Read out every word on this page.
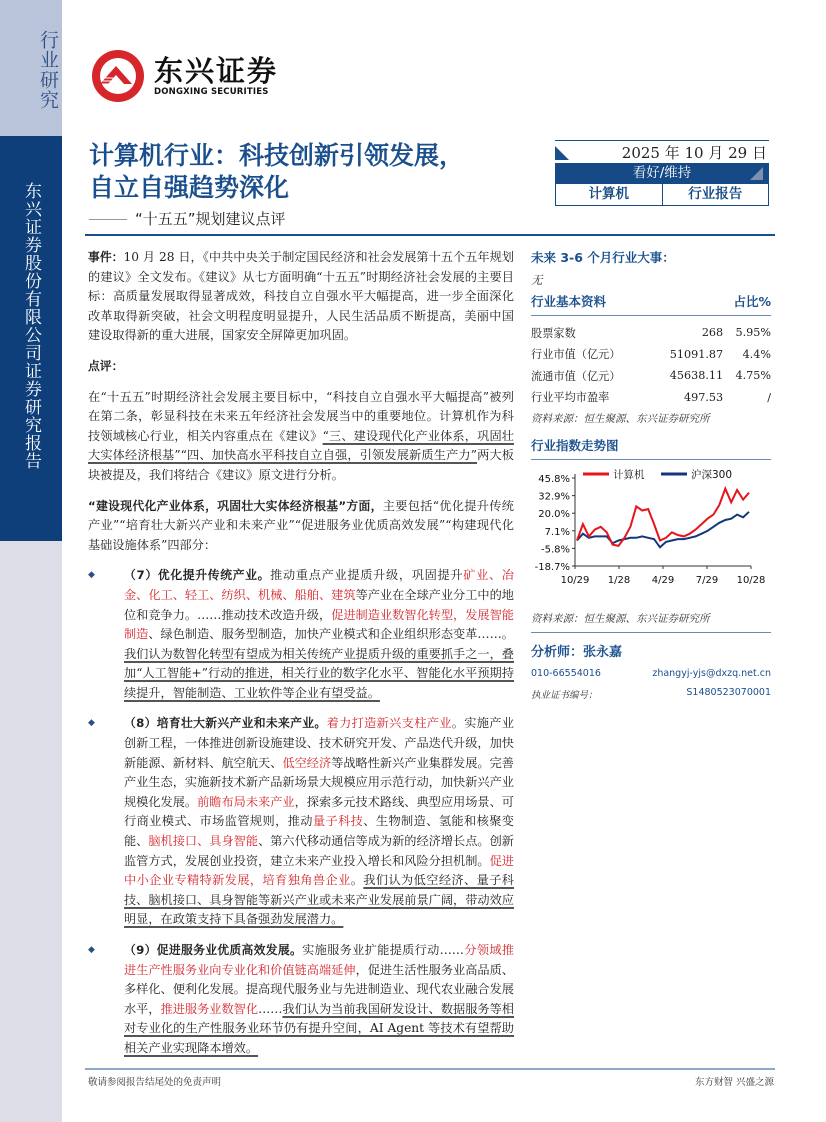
行业研究
东兴证券股份有限公司证券研究报告
东兴证券
DONGXING SECURITIES
计算机行业：科技创新引领发展，
自立自强趋势深化
“十五五”规划建议点评
2025 年 10 月 29 日
看好/维持
计算机	行业报告

事件：10 月 28 日，《中共中央关于制定国民经济和社会发展第十五个五年规划的建议》全文发布。《建议》从七方面明确“十五五”时期经济社会发展的主要目标：高质量发展取得显著成效，科技自立自强水平大幅提高，进一步全面深化改革取得新突破，社会文明程度明显提升，人民生活品质不断提高，美丽中国建设取得新的重大进展，国家安全屏障更加巩固。

点评：

在“十五五”时期经济社会发展主要目标中，“科技自立自强水平大幅提高”被列在第二条，彰显科技在未来五年经济社会发展当中的重要地位。计算机作为科技领域核心行业，相关内容重点在《建议》“三、建设现代化产业体系，巩固壮大实体经济根基”“四、加快高水平科技自立自强，引领发展新质生产力”两大板块被提及，我们将结合《建议》原文进行分析。

“建设现代化产业体系，巩固壮大实体经济根基”方面，主要包括“优化提升传统产业”“培育壮大新兴产业和未来产业”“促进服务业优质高效发展”“构建现代化基础设施体系”四部分：

◆ （7）优化提升传统产业。推动重点产业提质升级，巩固提升矿业、冶金、化工、轻工、纺织、机械、船舶、建筑等产业在全球产业分工中的地位和竞争力。……推动技术改造升级，促进制造业数智化转型，发展智能制造、绿色制造、服务型制造，加快产业模式和企业组织形态变革……。我们认为数智化转型有望成为相关传统产业提质升级的重要抓手之一，叠加“人工智能+”行动的推进，相关行业的数字化水平、智能化水平预期持续提升，智能制造、工业软件等企业有望受益。

◆ （8）培育壮大新兴产业和未来产业。着力打造新兴支柱产业。实施产业创新工程，一体推进创新设施建设、技术研究开发、产品迭代升级，加快新能源、新材料、航空航天、低空经济等战略性新兴产业集群发展。完善产业生态，实施新技术新产品新场景大规模应用示范行动，加快新兴产业规模化发展。前瞻布局未来产业，探索多元技术路线、典型应用场景、可行商业模式、市场监管规则，推动量子科技、生物制造、氢能和核聚变能、脑机接口、具身智能、第六代移动通信等成为新的经济增长点。创新监管方式，发展创业投资，建立未来产业投入增长和风险分担机制。促进中小企业专精特新发展，培育独角兽企业。我们认为低空经济、量子科技、脑机接口、具身智能等新兴产业或未来产业发展前景广阔，带动效应明显，在政策支持下具备强劲发展潜力。

◆ （9）促进服务业优质高效发展。实施服务业扩能提质行动……分领域推进生产性服务业向专业化和价值链高端延伸，促进生活性服务业高品质、多样化、便利化发展。提高现代服务业与先进制造业、现代农业融合发展水平，推进服务业数智化……我们认为当前我国研发设计、数据服务等相对专业化的生产性服务业环节仍有提升空间，AI Agent 等技术有望帮助相关产业实现降本增效。

未来 3-6 个月行业大事：
无
行业基本资料	占比%
股票家数	268	5.95%
行业市值（亿元）	51091.87	4.4%
流通市值（亿元）	45638.11	4.75%
行业平均市盈率	497.53	/
资料来源：恒生聚源、东兴证券研究所
行业指数走势图
45.8%
32.9%
20.0%
7.1%
-5.8%
-18.7%
10/29 1/28 4/29 7/29 10/28
计算机	沪深300
资料来源：恒生聚源、东兴证券研究所
分析师：张永嘉
010-66554016	zhangyj-yjs@dxzq.net.cn
执业证书编号：	S1480523070001
敬请参阅报告结尾处的免责声明	东方财智 兴盛之源
